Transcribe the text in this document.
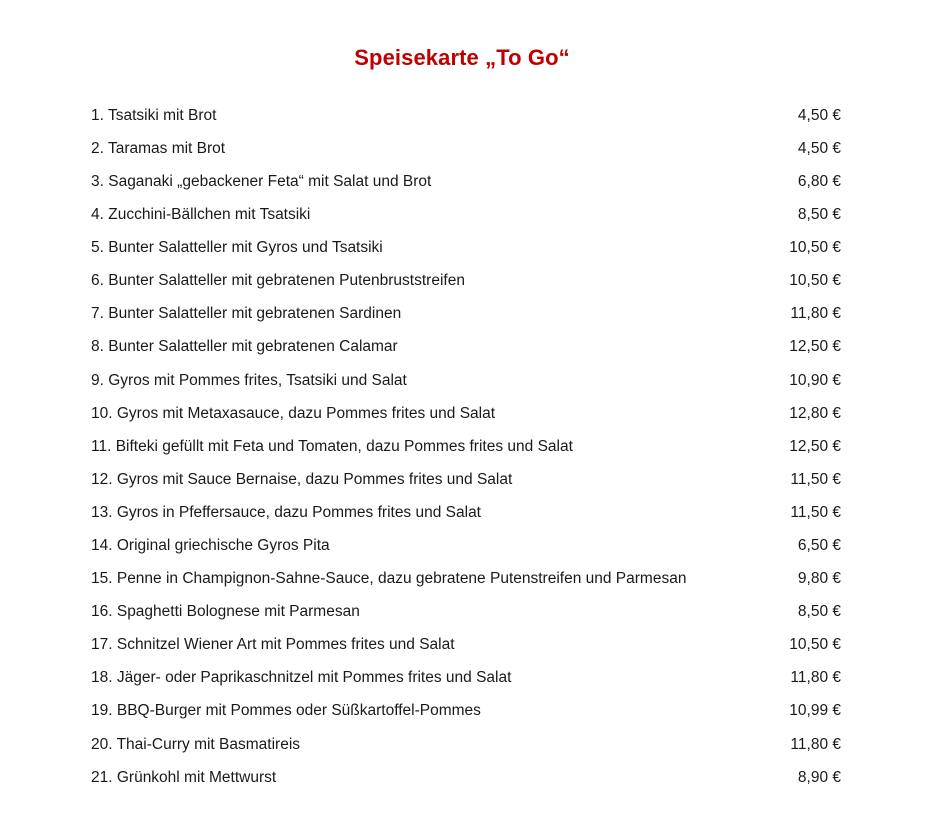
Speisekarte „To Go“
1. Tsatsiki mit Brot	4,50 €
2. Taramas mit Brot	4,50 €
3. Saganaki „gebackener Feta“ mit Salat und Brot	6,80 €
4. Zucchini-Bällchen mit Tsatsiki	8,50 €
5. Bunter Salatteller mit Gyros und Tsatsiki	10,50 €
6. Bunter Salatteller mit gebratenen Putenbruststreifen	10,50 €
7. Bunter Salatteller mit gebratenen Sardinen	11,80 €
8. Bunter Salatteller mit gebratenen Calamar	12,50 €
9. Gyros mit Pommes frites, Tsatsiki und Salat	10,90 €
10. Gyros mit Metaxasauce, dazu Pommes frites und Salat	12,80 €
11. Bifteki gefüllt mit Feta und Tomaten, dazu Pommes frites und Salat	12,50 €
12. Gyros mit Sauce Bernaise, dazu Pommes frites und Salat	11,50 €
13. Gyros in Pfeffersauce, dazu Pommes frites und Salat	11,50 €
14. Original griechische Gyros Pita	6,50 €
15. Penne in Champignon-Sahne-Sauce, dazu gebratene Putenstreifen und Parmesan	9,80 €
16. Spaghetti Bolognese mit Parmesan	8,50 €
17. Schnitzel Wiener Art mit Pommes frites und Salat	10,50 €
18. Jäger- oder Paprikaschnitzel mit Pommes frites und Salat	11,80 €
19. BBQ-Burger mit Pommes oder Süßkartoffel-Pommes	10,99 €
20. Thai-Curry mit Basmatireis	11,80 €
21. Grünkohl mit Mettwurst	8,90 €
